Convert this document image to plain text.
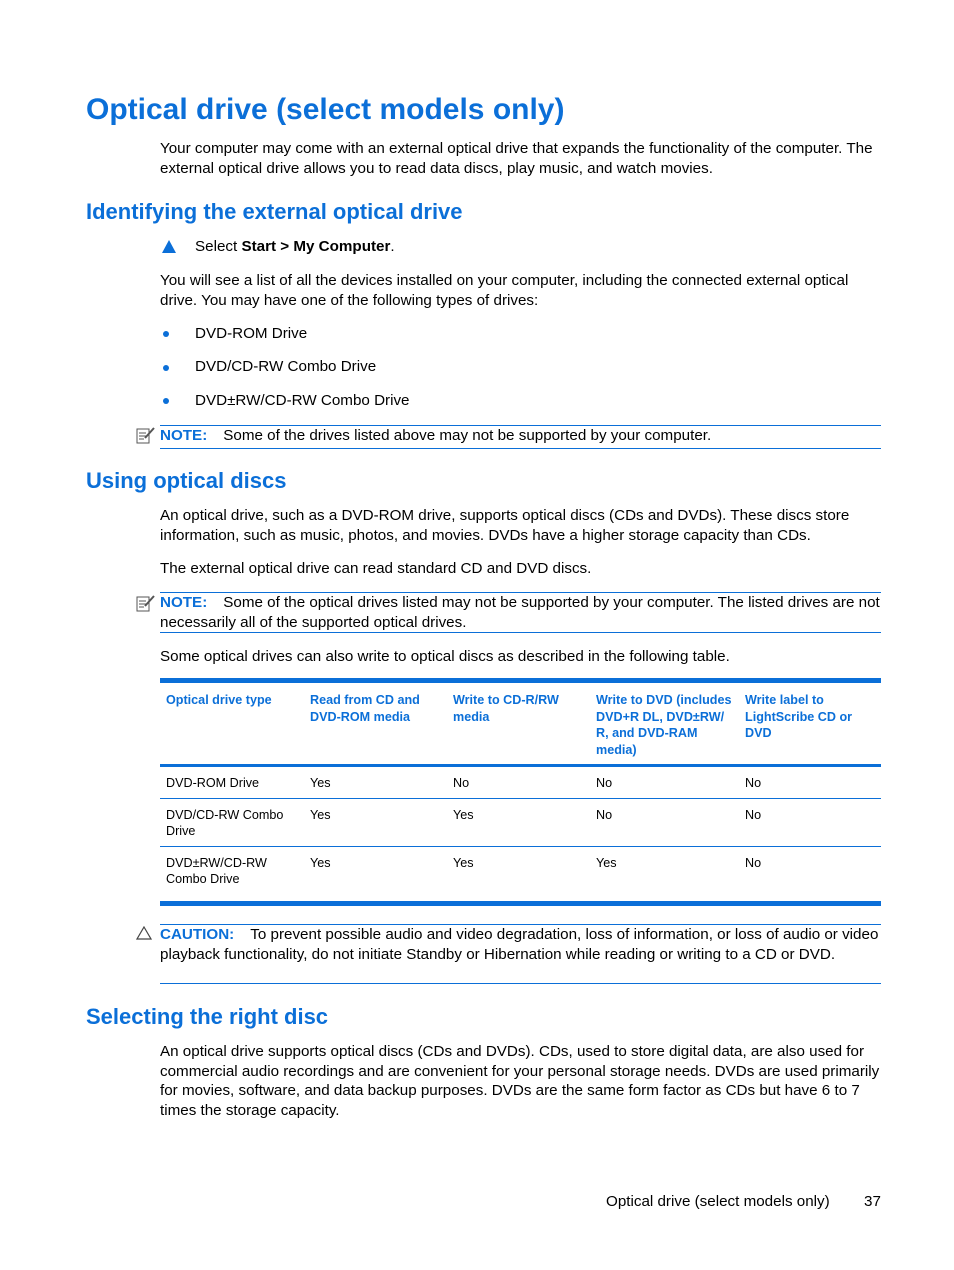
Optical drive (select models only)

Your computer may come with an external optical drive that expands the functionality of the computer. The external optical drive allows you to read data discs, play music, and watch movies.

Identifying the external optical drive
Select Start > My Computer.

You will see a list of all the devices installed on your computer, including the connected external optical drive. You may have one of the following types of drives:

DVD-ROM Drive
DVD/CD-RW Combo Drive
DVD±RW/CD-RW Combo Drive
NOTE: Some of the drives listed above may not be supported by your computer.
Using optical discs

An optical drive, such as a DVD-ROM drive, supports optical discs (CDs and DVDs). These discs store information, such as music, photos, and movies. DVDs have a higher storage capacity than CDs.

The external optical drive can read standard CD and DVD discs.

NOTE: Some of the optical drives listed may not be supported by your computer. The listed drives are not necessarily all of the supported optical drives.

Some optical drives can also write to optical discs as described in the following table.

Optical drive type	Read from CD and DVD-ROM media	Write to CD-R/RW media	Write to DVD (includes DVD+R DL, DVD±RW/ R, and DVD-RAM media)	Write label to LightScribe CD or DVD
DVD-ROM Drive	Yes	No	No	No
DVD/CD-RW Combo Drive	Yes	Yes	No	No
DVD±RW/CD-RW Combo Drive	Yes	Yes	Yes	No
CAUTION: To prevent possible audio and video degradation, loss of information, or loss of audio or video playback functionality, do not initiate Standby or Hibernation while reading or writing to a CD or DVD.
Selecting the right disc

An optical drive supports optical discs (CDs and DVDs). CDs, used to store digital data, are also used for commercial audio recordings and are convenient for your personal storage needs. DVDs are used primarily for movies, software, and data backup purposes. DVDs are the same form factor as CDs but have 6 to 7 times the storage capacity.

Optical drive (select models only) 37
